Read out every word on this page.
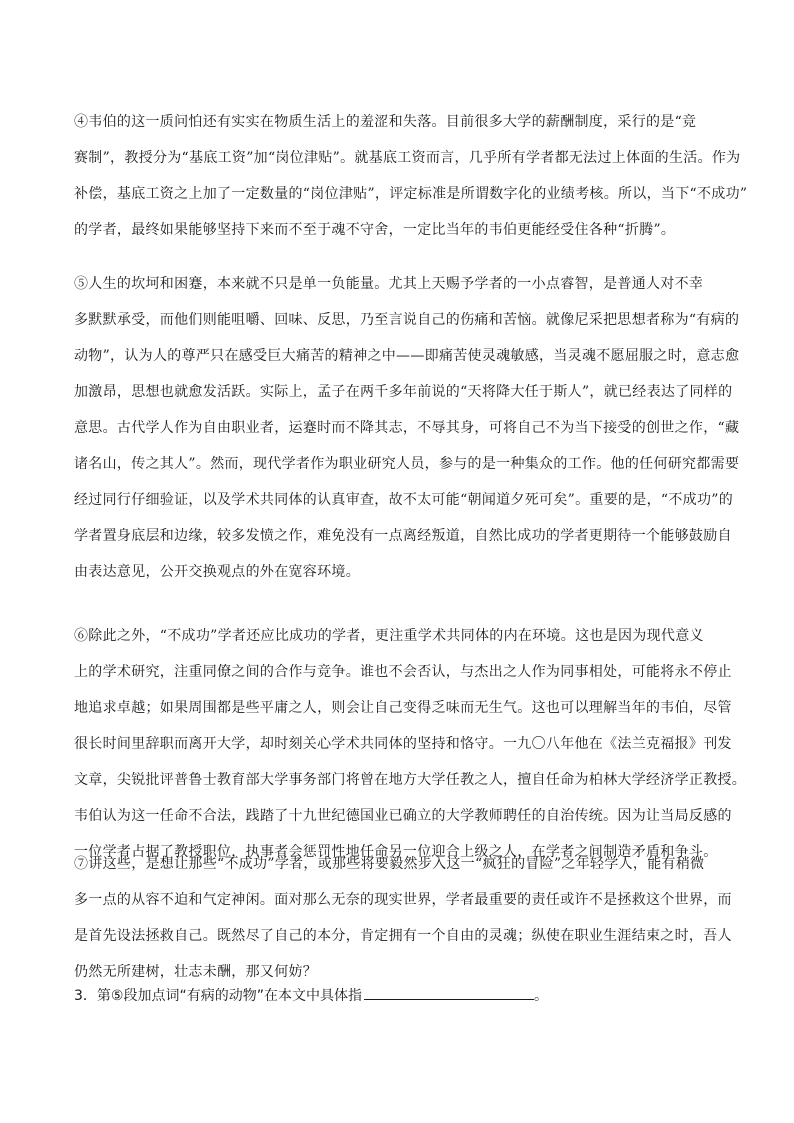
④韦伯的这一质问怕还有实实在物质生活上的羞涩和失落。目前很多大学的薪酬制度，采行的是“竞
赛制”，教授分为“基底工资”加“岗位津贴”。就基底工资而言，几乎所有学者都无法过上体面的生活。作为
补偿，基底工资之上加了一定数量的“岗位津贴”，评定标准是所谓数字化的业绩考核。所以，当下“不成功”
的学者，最终如果能够坚持下来而不至于魂不守舍，一定比当年的韦伯更能经受住各种“折腾”。
⑤人生的坎坷和困蹇，本来就不只是单一负能量。尤其上天赐予学者的一小点睿智，是普通人对不幸
多默默承受，而他们则能咀嚼、回味、反思，乃至言说自己的伤痛和苦恼。就像尼采把思想者称为“有病的
动物”，认为人的尊严只在感受巨大痛苦的精神之中——即痛苦使灵魂敏感，当灵魂不愿屈服之时，意志愈
加激昂，思想也就愈发活跃。实际上，孟子在两千多年前说的“天将降大任于斯人”，就已经表达了同样的
意思。古代学人作为自由职业者，运蹇时而不降其志，不辱其身，可将自己不为当下接受的创世之作，“藏
诸名山，传之其人”。然而，现代学者作为职业研究人员，参与的是一种集众的工作。他的任何研究都需要
经过同行仔细验证，以及学术共同体的认真审查，故不太可能“朝闻道夕死可矣”。重要的是，“不成功”的
学者置身底层和边缘，较多发愤之作，难免没有一点离经叛道，自然比成功的学者更期待一个能够鼓励自
由表达意见，公开交换观点的外在宽容环境。
⑥除此之外，“不成功”学者还应比成功的学者，更注重学术共同体的内在环境。这也是因为现代意义
上的学术研究，注重同僚之间的合作与竞争。谁也不会否认，与杰出之人作为同事相处，可能将永不停止
地追求卓越；如果周围都是些平庸之人，则会让自己变得乏味而无生气。这也可以理解当年的韦伯，尽管
很长时间里辞职而离开大学，却时刻关心学术共同体的坚持和恪守。一九〇八年他在《法兰克福报》刊发
文章，尖锐批评普鲁士教育部大学事务部门将曾在地方大学任教之人，擅自任命为柏林大学经济学正教授。
韦伯认为这一任命不合法，践踏了十九世纪德国业已确立的大学教师聘任的自治传统。因为让当局反感的
一位学者占据了教授职位，执事者会惩罚性地任命另一位迎合上级之人，在学者之间制造矛盾和争斗。
⑦讲这些，是想让那些“不成功”学者，或那些将要毅然步入这一“疯狂的冒险”之年轻学人，能有稍微
多一点的从容不迫和气定神闲。面对那么无奈的现实世界，学者最重要的责任或许不是拯救这个世界，而
是首先设法拯救自己。既然尽了自己的本分，肯定拥有一个自由的灵魂；纵使在职业生涯结束之时，吾人
仍然无所建树，壮志未酬，那又何妨？
3．第⑤段加点词“有病的动物”在本文中具体指	。
